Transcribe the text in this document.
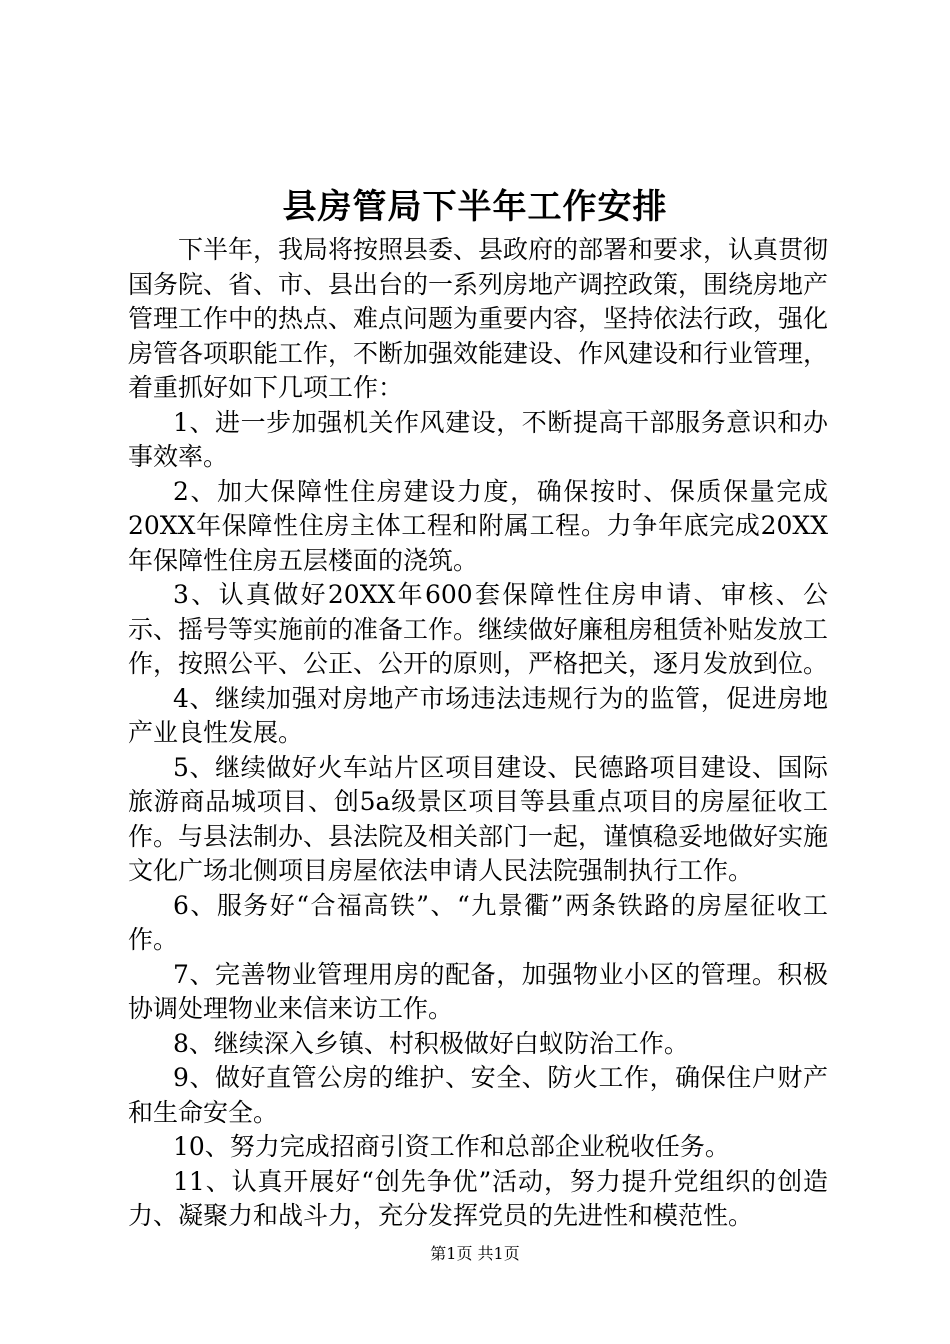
县房管局下半年工作安排

下半年，我局将按照县委、县政府的部署和要求，认真贯彻国务院、省、市、县出台的一系列房地产调控政策，围绕房地产管理工作中的热点、难点问题为重要内容，坚持依法行政，强化房管各项职能工作，不断加强效能建设、作风建设和行业管理，着重抓好如下几项工作：

1、进一步加强机关作风建设，不断提高干部服务意识和办事效率。

2、加大保障性住房建设力度，确保按时、保质保量完成20XX年保障性住房主体工程和附属工程。力争年底完成20XX年保障性住房五层楼面的浇筑。

3、认真做好20XX年600套保障性住房申请、审核、公示、摇号等实施前的准备工作。继续做好廉租房租赁补贴发放工作，按照公平、公正、公开的原则，严格把关，逐月发放到位。

4、继续加强对房地产市场违法违规行为的监管，促进房地产业良性发展。

5、继续做好火车站片区项目建设、民德路项目建设、国际旅游商品城项目、创5a级景区项目等县重点项目的房屋征收工作。与县法制办、县法院及相关部门一起，谨慎稳妥地做好实施文化广场北侧项目房屋依法申请人民法院强制执行工作。

6、服务好“合福高铁”、“九景衢”两条铁路的房屋征收工作。

7、完善物业管理用房的配备，加强物业小区的管理。积极协调处理物业来信来访工作。

8、继续深入乡镇、村积极做好白蚁防治工作。

9、做好直管公房的维护、安全、防火工作，确保住户财产和生命安全。

10、努力完成招商引资工作和总部企业税收任务。

11、认真开展好“创先争优”活动，努力提升党组织的创造力、凝聚力和战斗力，充分发挥党员的先进性和模范性。

第1页 共1页
